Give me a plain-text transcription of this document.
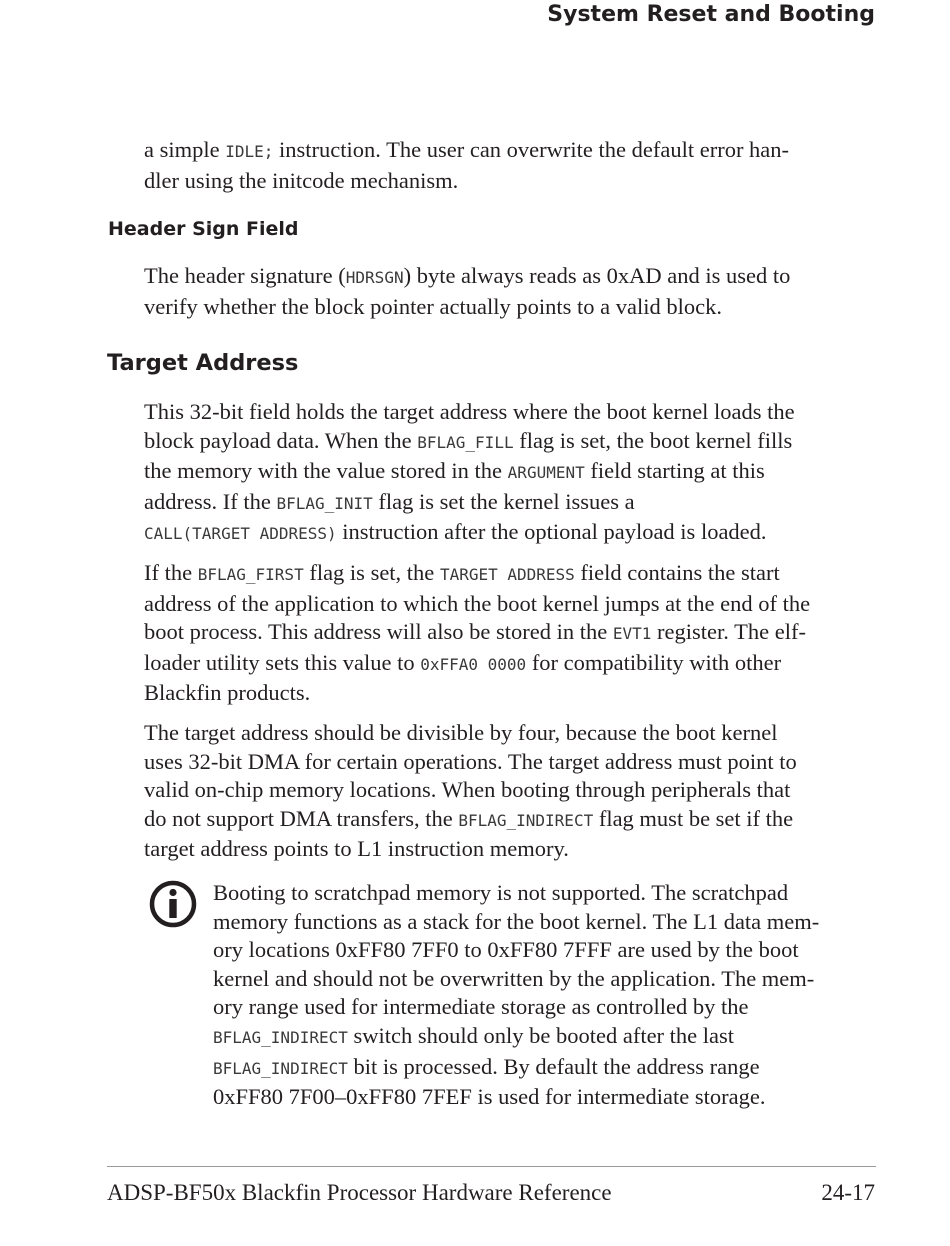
System Reset and Booting

a simple IDLE; instruction. The user can overwrite the default error han-
dler using the initcode mechanism.

Header Sign Field

The header signature (HDRSGN) byte always reads as 0xAD and is used to
verify whether the block pointer actually points to a valid block.

Target Address

This 32-bit field holds the target address where the boot kernel loads the
block payload data. When the BFLAG_FILL flag is set, the boot kernel fills
the memory with the value stored in the ARGUMENT field starting at this
address. If the BFLAG_INIT flag is set the kernel issues a
CALL(TARGET ADDRESS) instruction after the optional payload is loaded.

If the BFLAG_FIRST flag is set, the TARGET ADDRESS field contains the start
address of the application to which the boot kernel jumps at the end of the
boot process. This address will also be stored in the EVT1 register. The elf-
loader utility sets this value to 0xFFA0 0000 for compatibility with other
Blackfin products.

The target address should be divisible by four, because the boot kernel
uses 32-bit DMA for certain operations. The target address must point to
valid on-chip memory locations. When booting through peripherals that
do not support DMA transfers, the BFLAG_INDIRECT flag must be set if the
target address points to L1 instruction memory.

Booting to scratchpad memory is not supported. The scratchpad
memory functions as a stack for the boot kernel. The L1 data mem-
ory locations 0xFF80 7FF0 to 0xFF80 7FFF are used by the boot
kernel and should not be overwritten by the application. The mem-
ory range used for intermediate storage as controlled by the
BFLAG_INDIRECT switch should only be booted after the last
BFLAG_INDIRECT bit is processed. By default the address range
0xFF80 7F00–0xFF80 7FEF is used for intermediate storage.

ADSP-BF50x Blackfin Processor Hardware Reference	24-17
